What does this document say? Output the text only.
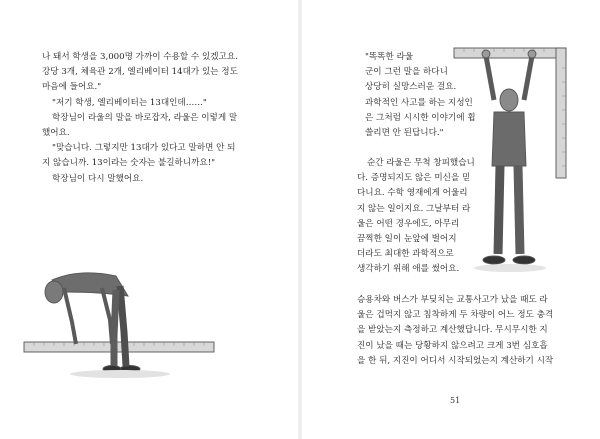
나 돼서 학생을 3,000명 가까이 수용할 수 있겠고요.
강당 3개, 체육관 2개, 엘리베이터 14대가 있는 정도
마음에 들어요."
"저기 학생, 엘리베이터는 13대인데……"
학장님이 라울의 말을 바로잡자, 라울은 이렇게 말
했어요.
"맞습니다. 그렇지만 13대가 있다고 말하면 안 되
지 않습니까. 13이라는 숫자는 불길하니까요!"
학장님이 다시 말했어요.
"똑똑한 라울
군이 그런 말을 하다니
상당히 실망스러운 걸요.
과학적인 사고를 하는 지성인
은 그처럼 시시한 이야기에 휩
쓸리면 안 된답니다."
순간 라울은 무척 창피했습니
다. 증명되지도 않은 미신을 믿
다니요. 수학 영재에게 어울리
지 않는 일이지요. 그날부터 라
울은 어떤 경우에도, 아무리
끔찍한 일이 눈앞에 벌어지
더라도 최대한 과학적으로
생각하기 위해 애를 썼어요.
승용차와 버스가 부딪치는 교통사고가 났을 때도 라
울은 겁먹지 않고 침착하게 두 차량이 어느 정도 충격
을 받았는지 측정하고 계산했답니다. 무시무시한 지
진이 났을 때는 당황하지 않으려고 크게 3번 심호흡
을 한 뒤, 지진이 어디서 시작되었는지 계산하기 시작
51
